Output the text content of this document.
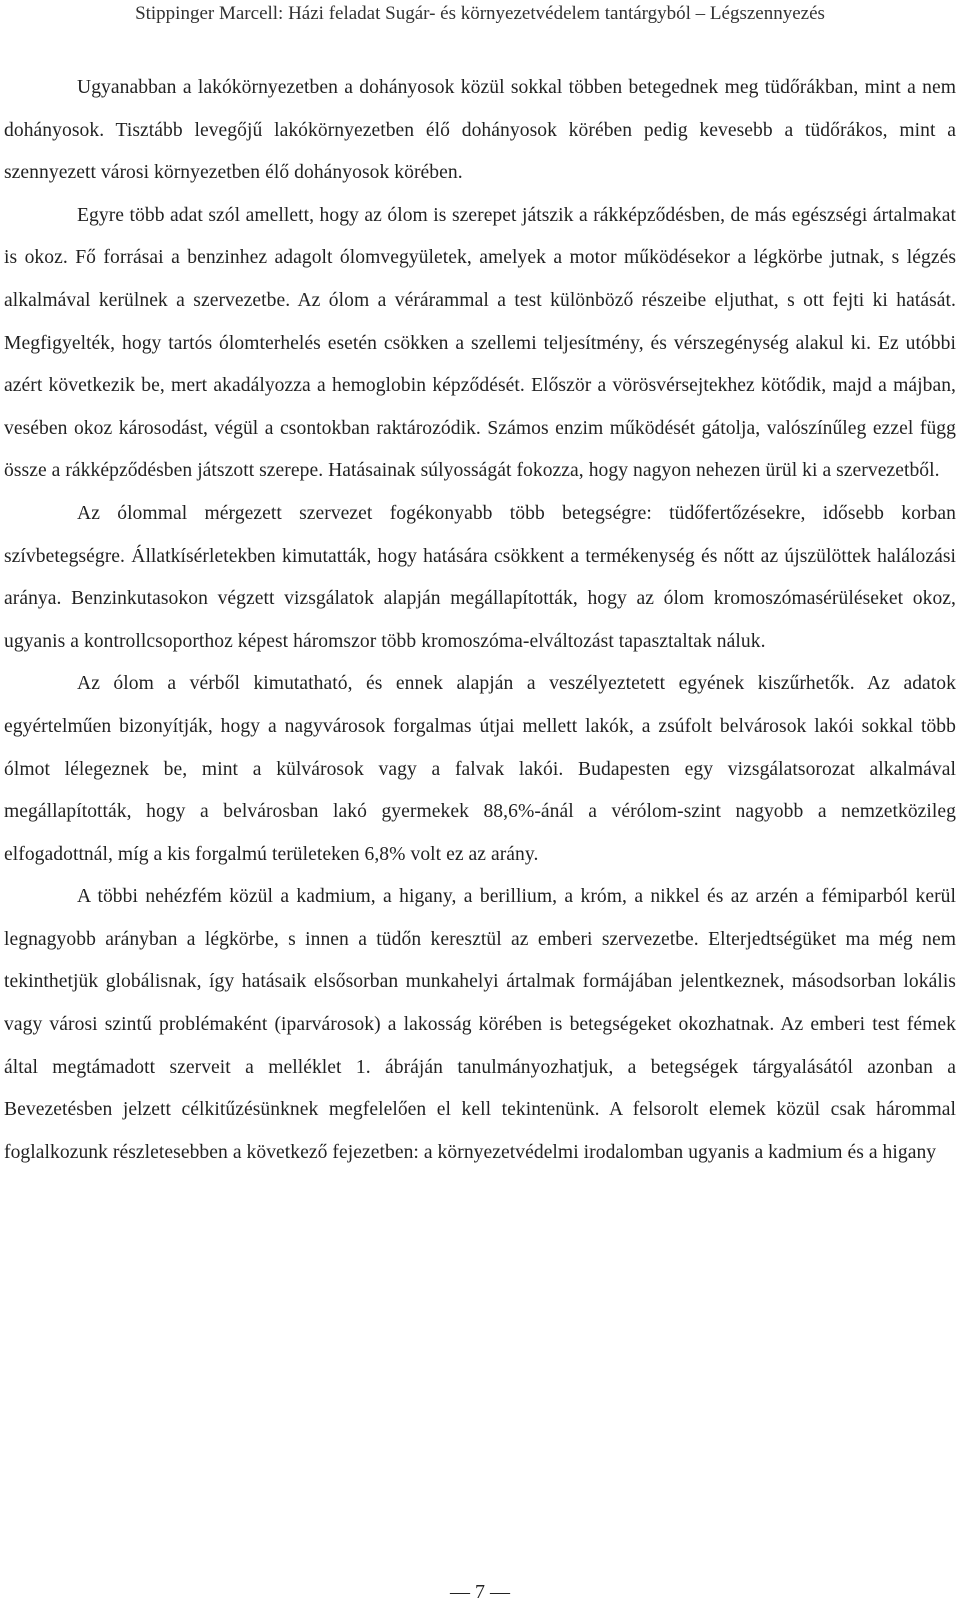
Stippinger Marcell: Házi feladat Sugár- és környezetvédelem tantárgyból – Légszennyezés

Ugyanabban a lakókörnyezetben a dohányosok közül sokkal többen betegednek meg tüdőrákban, mint a nem dohányosok. Tisztább levegőjű lakókörnyezetben élő dohányosok körében pedig kevesebb a tüdőrákos, mint a szennyezett városi környezetben élő dohányosok körében.

Egyre több adat szól amellett, hogy az ólom is szerepet játszik a rákképződésben, de más egészségi ártalmakat is okoz. Fő forrásai a benzinhez adagolt ólomvegyületek, amelyek a motor működésekor a légkörbe jutnak, s légzés alkalmával kerülnek a szervezetbe. Az ólom a vérárammal a test különböző részeibe eljuthat, s ott fejti ki hatását. Megfigyelték, hogy tartós ólomterhelés esetén csökken a szellemi teljesítmény, és vérszegénység alakul ki. Ez utóbbi azért következik be, mert akadályozza a hemoglobin képződését. Először a vörösvérsejtekhez kötődik, majd a májban, vesében okoz károsodást, végül a csontokban raktározódik. Számos enzim működését gátolja, valószínűleg ezzel függ össze a rákképződésben játszott szerepe. Hatásainak súlyosságát fokozza, hogy nagyon nehezen ürül ki a szervezetből.

Az ólommal mérgezett szervezet fogékonyabb több betegségre: tüdőfertőzésekre, idősebb korban szívbetegségre. Állatkísérletekben kimutatták, hogy hatására csökkent a termékenység és nőtt az újszülöttek halálozási aránya. Benzinkutasokon végzett vizsgálatok alapján megállapították, hogy az ólom kromoszómasérüléseket okoz, ugyanis a kontrollcsoporthoz képest háromszor több kromoszóma-elváltozást tapasztaltak náluk.

Az ólom a vérből kimutatható, és ennek alapján a veszélyeztetett egyének kiszűrhetők. Az adatok egyértelműen bizonyítják, hogy a nagyvárosok forgalmas útjai mellett lakók, a zsúfolt belvárosok lakói sokkal több ólmot lélegeznek be, mint a külvárosok vagy a falvak lakói. Budapesten egy vizsgálatsorozat alkalmával megállapították, hogy a belvárosban lakó gyermekek 88,6%-ánál a vérólom-szint nagyobb a nemzetközileg elfogadottnál, míg a kis forgalmú területeken 6,8% volt ez az arány.

A többi nehézfém közül a kadmium, a higany, a berillium, a króm, a nikkel és az arzén a fémiparból kerül legnagyobb arányban a légkörbe, s innen a tüdőn keresztül az emberi szervezetbe. Elterjedtségüket ma még nem tekinthetjük globálisnak, így hatásaik elsősorban munkahelyi ártalmak formájában jelentkeznek, másodsorban lokális vagy városi szintű problémaként (iparvárosok) a lakosság körében is betegségeket okozhatnak. Az emberi test fémek által megtámadott szerveit a melléklet 1. ábráján tanulmányozhatjuk, a betegségek tárgyalásától azonban a Bevezetésben jelzett célkitűzésünknek megfelelően el kell tekintenünk. A felsorolt elemek közül csak hárommal foglalkozunk részletesebben a következő fejezetben: a környezetvédelmi irodalomban ugyanis a kadmium és a higany

— 7 —
